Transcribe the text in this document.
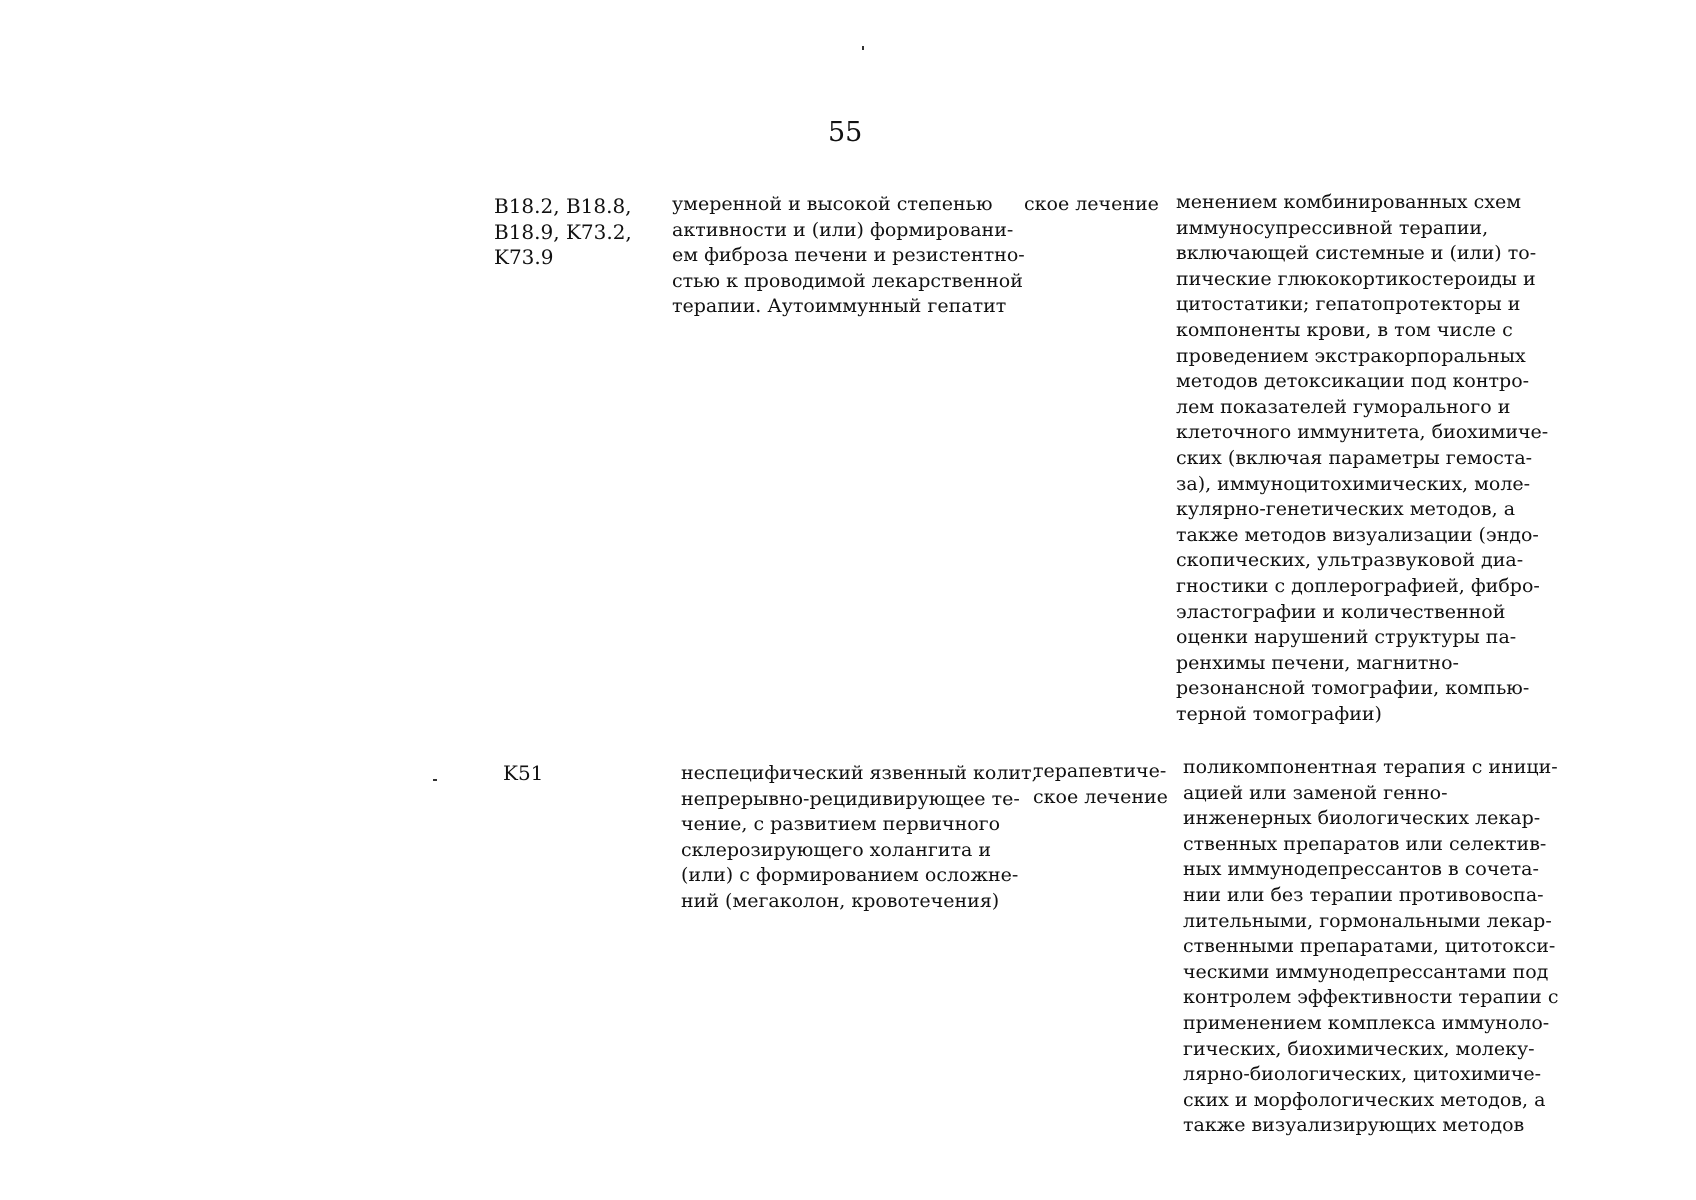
55
B18.2, B18.8,
B18.9, K73.2,
K73.9
умеренной и высокой степенью
активности и (или) формировани-
ем фиброза печени и резистентно-
стью к проводимой лекарственной
терапии. Аутоиммунный гепатит
ское лечение менением комбинированных схем
иммуносупрессивной терапии,
включающей системные и (или) то-
пические глюкокортикостероиды и
цитостатики; гепатопротекторы и
компоненты крови, в том числе с
проведением экстракорпоральных
методов детоксикации под контро-
лем показателей гуморального и
клеточного иммунитета, биохимиче-
ских (включая параметры гемоста-
за), иммуноцитохимических, моле-
кулярно-генетических методов, а
также методов визуализации (эндо-
скопических, ультразвуковой диа-
гностики с доплерографией, фибро-
эластографии и количественной
оценки нарушений структуры па-
ренхимы печени, магнитно-
резонансной томографии, компью-
терной томографии)
K51	неспецифический язвенный колит,
непрерывно-рецидивирующее те-
чение, с развитием первичного
склерозирующего холангита и
(или) с формированием осложне-
ний (мегаколон, кровотечения)
терапевтиче-
ское лечение
поликомпонентная терапия с иници-
ацией или заменой генно-
инженерных биологических лекар-
ственных препаратов или селектив-
ных иммунодепрессантов в сочета-
нии или без терапии противовоспа-
лительными, гормональными лекар-
ственными препаратами, цитотокси-
ческими иммунодепрессантами под
контролем эффективности терапии с
применением комплекса иммуноло-
гических, биохимических, молеку-
лярно-биологических, цитохимиче-
ских и морфологических методов, а
также визуализирующих методов
